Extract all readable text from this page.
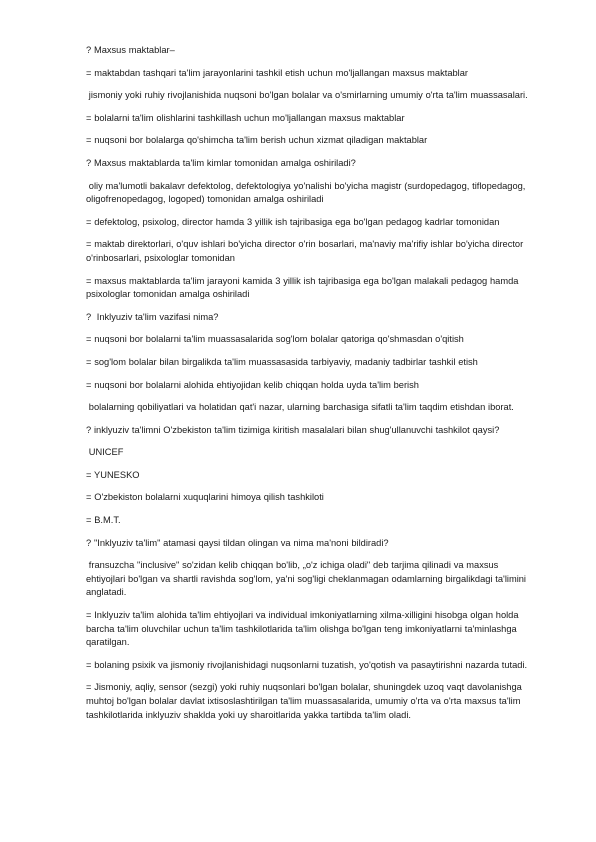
? Maxsus maktablar–

= maktabdan tashqari ta'lim jarayonlarini tashkil etish uchun mo'ljallangan maxsus maktablar

jismoniy yoki ruhiy rivojlanishida nuqsoni bo'lgan bolalar va o'smirlarning umumiy o'rta ta'lim muassasalari.

= bolalarni ta'lim olishlarini tashkillash uchun mo'ljallangan maxsus maktablar

= nuqsoni bor bolalarga qo'shimcha ta'lim berish uchun xizmat qiladigan maktablar

? Maxsus maktablarda ta'lim kimlar tomonidan amalga oshiriladi?

oliy ma'lumotli bakalavr defektolog, defektologiya yo'nalishi bo'yicha magistr (surdopedagog, tiflopedagog, oligofrenopedagog, logoped) tomonidan amalga oshiriladi

= defektolog, psixolog, director hamda 3 yillik ish tajribasiga ega bo'lgan pedagog kadrlar tomonidan

= maktab direktorlari, o'quv ishlari bo'yicha director o'rin bosarlari, ma'naviy ma'rifiy ishlar bo'yicha director o'rinbosarlari, psixologlar tomonidan

= maxsus maktablarda ta'lim jarayoni kamida 3 yillik ish tajribasiga ega bo'lgan malakali pedagog hamda psixologlar tomonidan amalga oshiriladi

?  Inklyuziv ta'lim vazifasi nima?

= nuqsoni bor bolalarni ta'lim muassasalarida sog'lom bolalar qatoriga qo'shmasdan o'qitish

= sog'lom bolalar bilan birgalikda ta'lim muassasasida tarbiyaviy, madaniy tadbirlar tashkil etish

= nuqsoni bor bolalarni alohida ehtiyojidan kelib chiqqan holda uyda ta'lim berish

bolalarning qobiliyatlari va holatidan qat'i nazar, ularning barchasiga sifatli ta'lim taqdim etishdan iborat.

? inklyuziv ta'limni O'zbekiston ta'lim tizimiga kiritish masalalari bilan shug'ullanuvchi tashkilot qaysi?

UNICEF

= YUNESKO

= O'zbekiston bolalarni xuquqlarini himoya qilish tashkiloti

= B.M.T.

? "Inklyuziv ta'lim" atamasi qaysi tildan olingan va nima ma'noni bildiradi?

fransuzcha "inclusive" so'zidan kelib chiqqan bo'lib, „o'z ichiga oladi" deb tarjima qilinadi va maxsus ehtiyojlari bo'lgan va shartli ravishda sog'lom, ya'ni sog'ligi cheklanmagan odamlarning birgalikdagi ta'limini anglatadi.

= Inklyuziv ta'lim alohida ta'lim ehtiyojlari va individual imkoniyatlarning xilma-xilligini hisobga olgan holda barcha ta'lim oluvchilar uchun ta'lim tashkilotlarida ta'lim olishga bo'lgan teng imkoniyatlarni ta'minlashga qaratilgan.

= bolaning psixik va jismoniy rivojlanishidagi nuqsonlarni tuzatish, yo'qotish va pasaytirishni nazarda tutadi.

= Jismoniy, aqliy, sensor (sezgi) yoki ruhiy nuqsonlari bo'lgan bolalar, shuningdek uzoq vaqt davolanishga muhtoj bo'lgan bolalar davlat ixtisoslashtirilgan ta'lim muassasalarida, umumiy o'rta va o'rta maxsus ta'lim tashkilotlarida inklyuziv shaklda yoki uy sharoitlarida yakka tartibda ta'lim oladi.
